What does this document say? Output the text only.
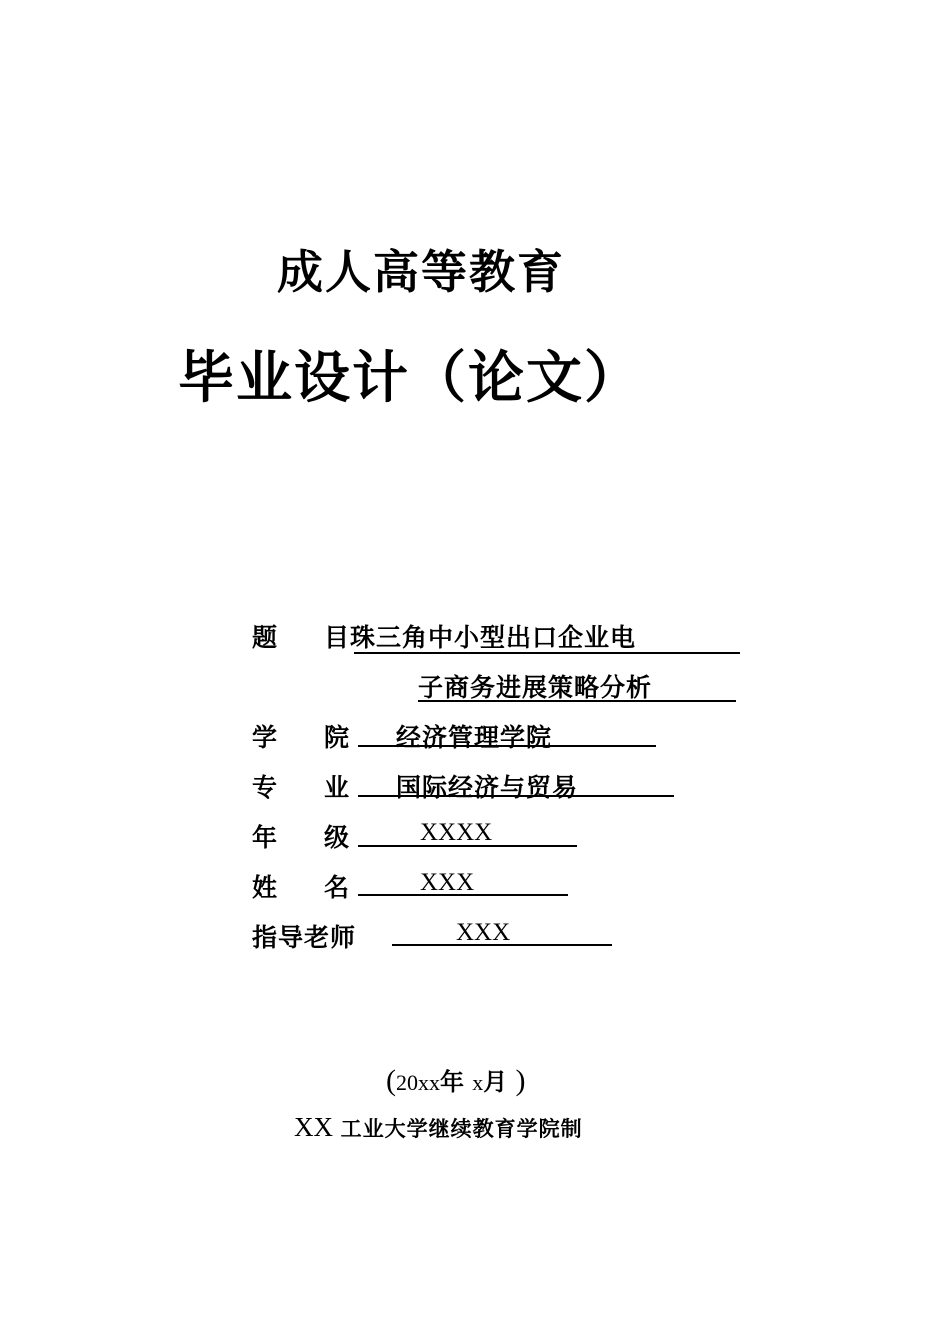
成人高等教育
毕业设计（论文）
题 目珠三角中小型出口企业电
子商务进展策略分析
学 院 经济管理学院
专 业 国际经济与贸易
年 级	XXXX
姓 名	XXX
指导老师	XXX
(20xx年 x月 )
XX 工业大学继续教育学院制
